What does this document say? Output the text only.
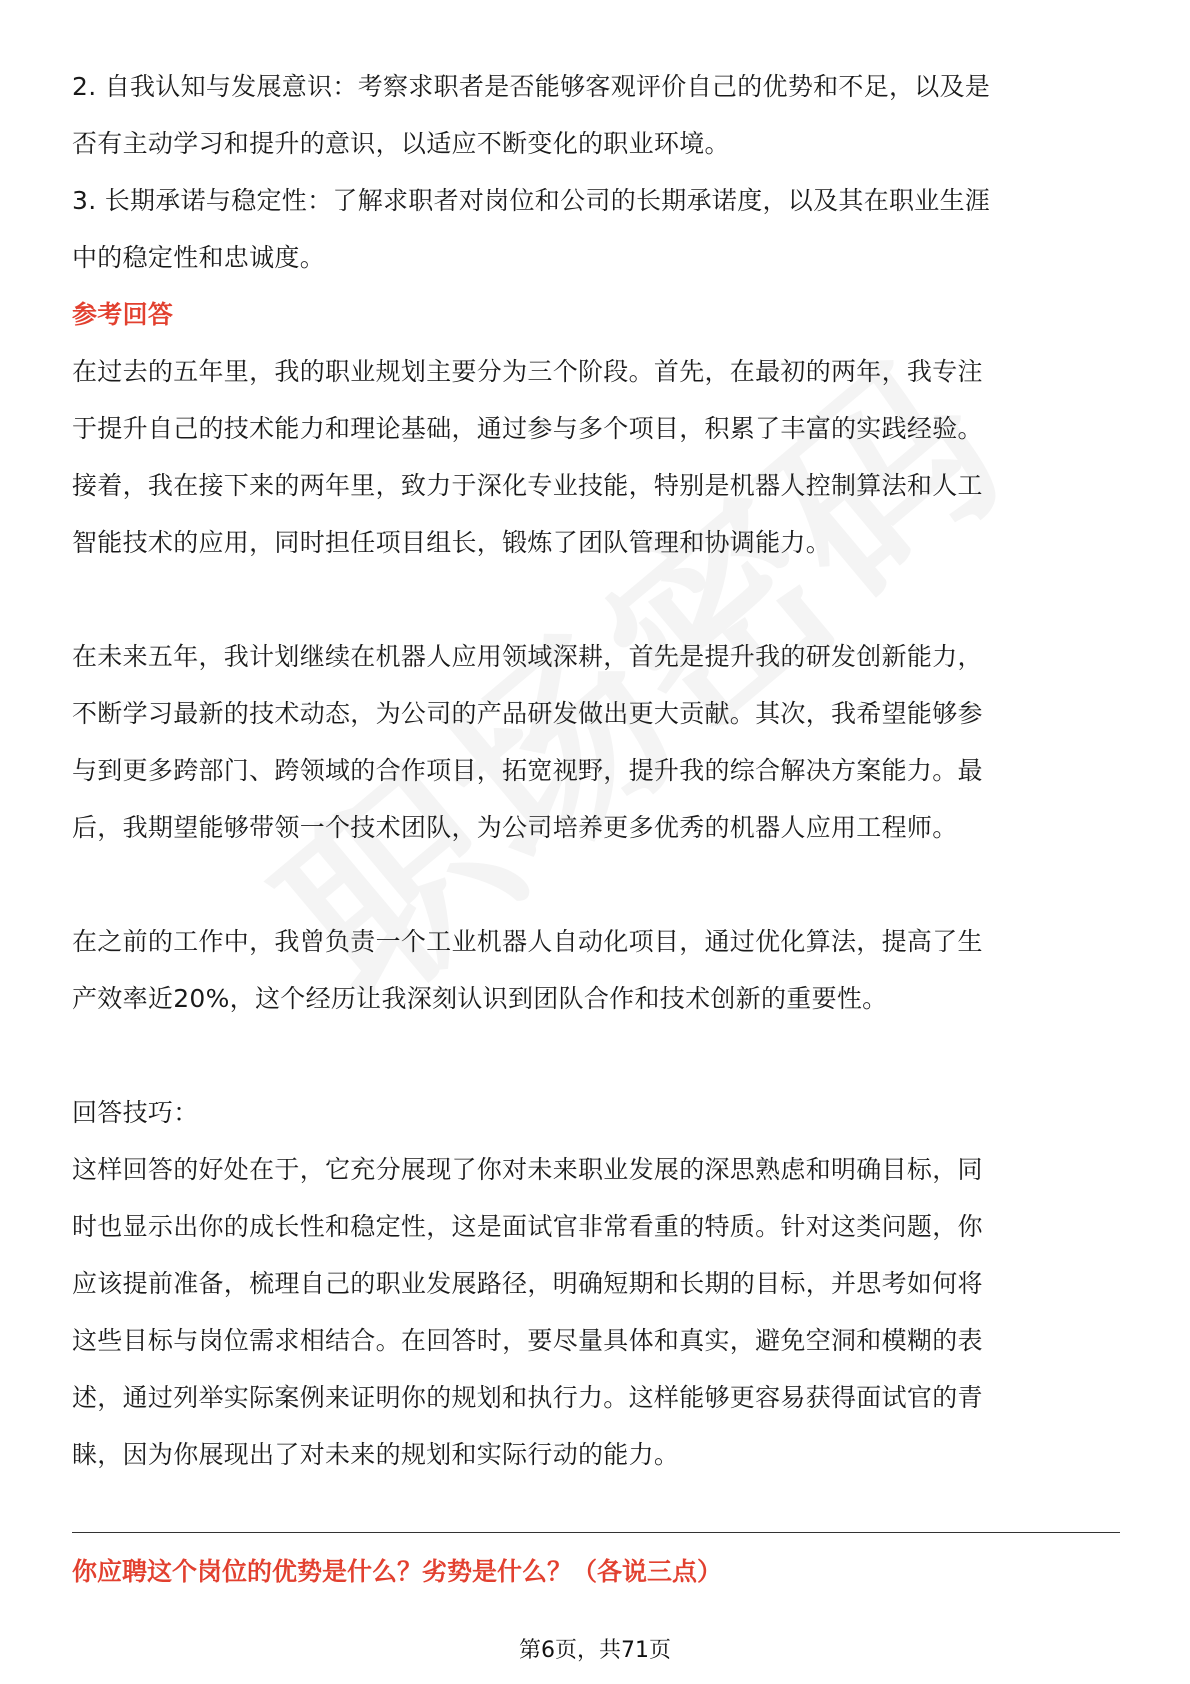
2. 自我认知与发展意识：考察求职者是否能够客观评价自己的优势和不足，以及是
否有主动学习和提升的意识，以适应不断变化的职业环境。
3. 长期承诺与稳定性：了解求职者对岗位和公司的长期承诺度，以及其在职业生涯
中的稳定性和忠诚度。
参考回答
在过去的五年里，我的职业规划主要分为三个阶段。首先，在最初的两年，我专注
于提升自己的技术能力和理论基础，通过参与多个项目，积累了丰富的实践经验。
接着，我在接下来的两年里，致力于深化专业技能，特别是机器人控制算法和人工
智能技术的应用，同时担任项目组长，锻炼了团队管理和协调能力。
在未来五年，我计划继续在机器人应用领域深耕，首先是提升我的研发创新能力，
不断学习最新的技术动态，为公司的产品研发做出更大贡献。其次，我希望能够参
与到更多跨部门、跨领域的合作项目，拓宽视野，提升我的综合解决方案能力。最
后，我期望能够带领一个技术团队，为公司培养更多优秀的机器人应用工程师。
在之前的工作中，我曾负责一个工业机器人自动化项目，通过优化算法，提高了生
产效率近20%，这个经历让我深刻认识到团队合作和技术创新的重要性。
回答技巧：
这样回答的好处在于，它充分展现了你对未来职业发展的深思熟虑和明确目标，同
时也显示出你的成长性和稳定性，这是面试官非常看重的特质。针对这类问题，你
应该提前准备，梳理自己的职业发展路径，明确短期和长期的目标，并思考如何将
这些目标与岗位需求相结合。在回答时，要尽量具体和真实，避免空洞和模糊的表
述，通过列举实际案例来证明你的规划和执行力。这样能够更容易获得面试官的青
睐，因为你展现出了对未来的规划和实际行动的能力。
你应聘这个岗位的优势是什么？劣势是什么？（各说三点）
第6页，共71页
